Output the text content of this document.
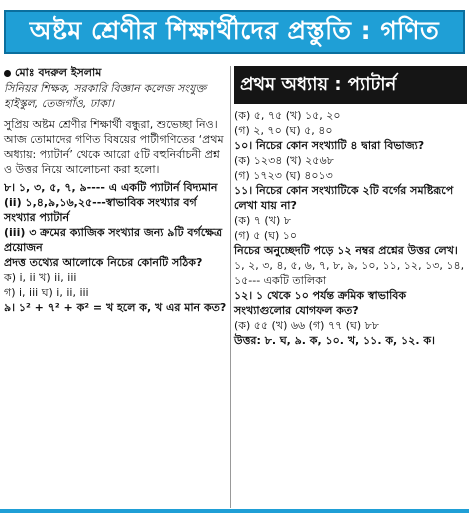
অষ্টম শ্রেণীর শিক্ষার্থীদের প্রস্তুতি : গণিত
মোঃ বদরুল ইসলাম
সিনিয়র শিক্ষক, সরকারি বিজ্ঞান কলেজ সংযুক্ত হাইস্কুল, তেজগাঁও, ঢাকা।

সুপ্রিয় অষ্টম শ্রেণীর শিক্ষার্থী বন্ধুরা, শুভেচ্ছা নিও। আজ তোমাদের গণিত বিষয়ের পাটীগণিতের ‘প্রথম অধ্যায়: প্যাটার্ন’ থেকে আরো ৫টি বহুনির্বাচনী প্রশ্ন ও উত্তর নিয়ে আলোচনা করা হলো।

৮। ১, ৩, ৫, ৭, ৯---- এ একটি প্যাটার্ন বিদ্যমান
(ii) ১,৪,৯,১৬,২৫---স্বাভাবিক সংখ্যার বর্গ সংখ্যার প্যাটার্ন
(iii) ৩ ক্রমের ক্যাজিক সংখ্যার জন্য ৯টি বর্গক্ষেত্র প্রয়োজন
প্রদত্ত তথ্যের আলোকে নিচের কোনটি সঠিক?
ক) i, ii খ) ii, iii
গ) i, iii ঘ) i, ii, iii
৯। ১² + ৭² + ক² = খ হলে ক, খ এর মান কত?
প্রথম অধ্যায় : প্যাটার্ন
(ক) ৫, ৭৫ (খ) ১৫, ২০
(গ) ২, ৭০ (ঘ) ৫, ৪০
১০। নিচের কোন সংখ্যাটি ৪ দ্বারা বিভাজ্য?
(ক) ১২৩৪ (খ) ২৫৬৮
(গ) ১৭২৩ (ঘ) ৪০১৩
১১। নিচের কোন সংখ্যাটিকে ২টি বর্গের সমষ্টিরূপে লেখা যায় না?
(ক) ৭ (খ) ৮
(গ) ৫ (ঘ) ১০
নিচের অনুচ্ছেদটি পড়ে ১২ নম্বর প্রশ্নের উত্তর লেখ।
১, ২, ৩, ৪, ৫, ৬, ৭, ৮, ৯, ১০, ১১, ১২, ১৩, ১৪, ১৫--- একটি তালিকা
১২। ১ থেকে ১০ পর্যন্ত ক্রমিক স্বাভাবিক সংখ্যাগুলোর যোগফল কত?
(ক) ৫৫ (খ) ৬৬ (গ) ৭৭ (ঘ) ৮৮
উত্তর: ৮. ঘ, ৯. ক, ১০. খ, ১১. ক, ১২. ক।
